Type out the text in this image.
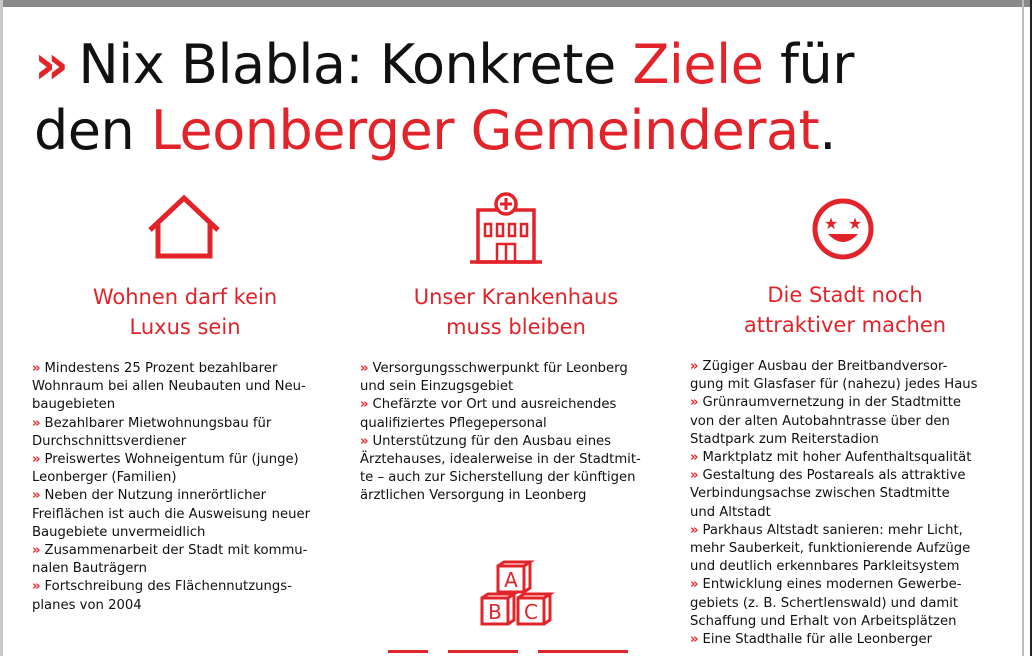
» Nix Blabla: Konkrete Ziele für
den Leonberger Gemeinderat.
★ ★
Wohnen darf kein
Luxus sein
Unser Krankenhaus
muss bleiben
Die Stadt noch
attraktiver machen
» Mindestens 25 Prozent bezahlbarer
Wohnraum bei allen Neubauten und Neu-
baugebieten
» Bezahlbarer Mietwohnungsbau für
Durchschnittsverdiener
» Preiswertes Wohneigentum für (junge)
Leonberger (Familien)
» Neben der Nutzung innerörtlicher
Freiflächen ist auch die Ausweisung neuer
Baugebiete unvermeidlich
» Zusammenarbeit der Stadt mit kommu-
nalen Bauträgern
» Fortschreibung des Flächennutzungs-
planes von 2004
» Versorgungsschwerpunkt für Leonberg
und sein Einzugsgebiet
» Chefärzte vor Ort und ausreichendes
qualifiziertes Pflegepersonal
» Unterstützung für den Ausbau eines
Ärztehauses, idealerweise in der Stadtmit-
te – auch zur Sicherstellung der künftigen
ärztlichen Versorgung in Leonberg
» Zügiger Ausbau der Breitbandversor-
gung mit Glasfaser für (nahezu) jedes Haus
» Grünraumvernetzung in der Stadtmitte
von der alten Autobahntrasse über den
Stadtpark zum Reiterstadion
» Marktplatz mit hoher Aufenthaltsqualität
» Gestaltung des Postareals als attraktive
Verbindungsachse zwischen Stadtmitte
und Altstadt
» Parkhaus Altstadt sanieren: mehr Licht,
mehr Sauberkeit, funktionierende Aufzüge
und deutlich erkennbares Parkleitsystem
» Entwicklung eines modernen Gewerbe-
gebiets (z. B. Schertlenswald) und damit
Schaffung und Erhalt von Arbeitsplätzen
» Eine Stadthalle für alle Leonberger
A
B C
